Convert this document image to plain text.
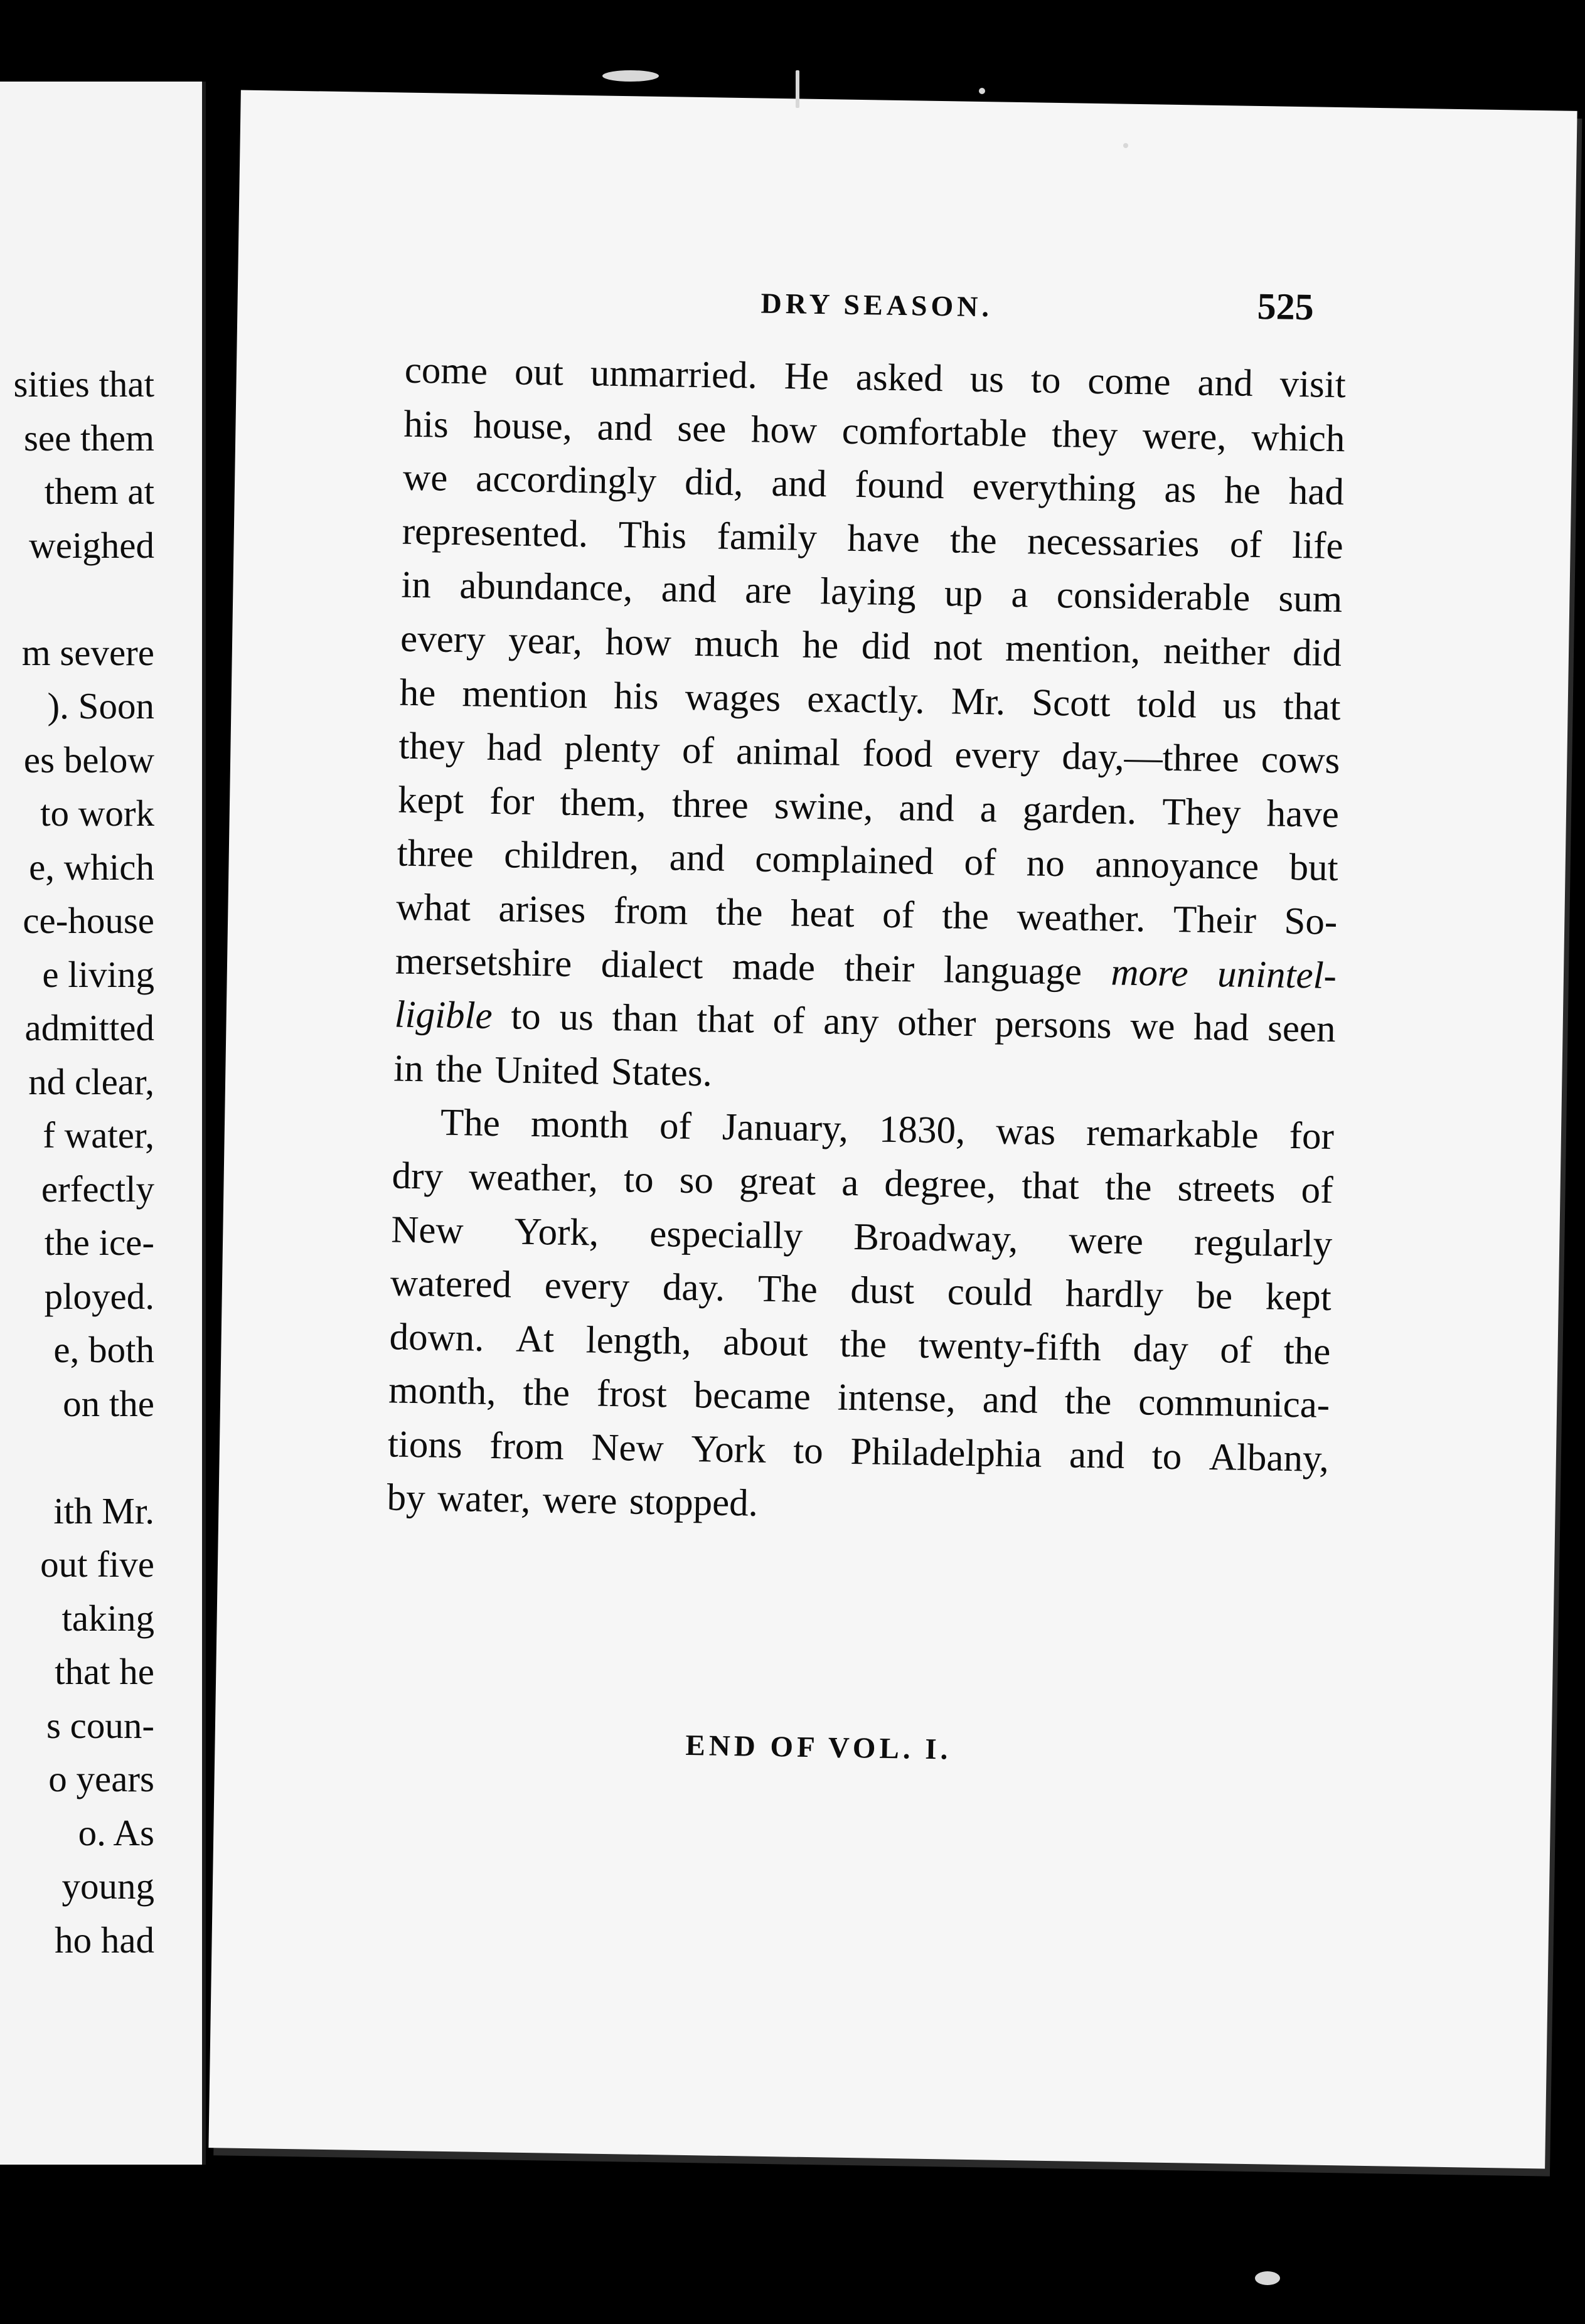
sities that
see them
them at
weighed
m severe
). Soon
es below
to work
e, which
ce-house
e living
admitted
nd clear,
f water,
erfectly
the ice-
ployed.
e, both
on the
ith Mr.
out five
taking
that he
s coun-
o years
o. As
young
ho had
DRY SEASON.	525
come out unmarried. He asked us to come and visit
his house, and see how comfortable they were, which
we accordingly did, and found everything as he had
represented. This family have the necessaries of life
in abundance, and are laying up a considerable sum
every year, how much he did not mention, neither did
he mention his wages exactly. Mr. Scott told us that
they had plenty of animal food every day,—three cows
kept for them, three swine, and a garden. They have
three children, and complained of no annoyance but
what arises from the heat of the weather. Their So-
mersetshire dialect made their language more unintel-
ligible to us than that of any other persons we had seen
in the United States.
The month of January, 1830, was remarkable for
dry weather, to so great a degree, that the streets of
New York, especially Broadway, were regularly
watered every day. The dust could hardly be kept
down. At length, about the twenty-fifth day of the
month, the frost became intense, and the communica-
tions from New York to Philadelphia and to Albany,
by water, were stopped.
END OF VOL. I.
